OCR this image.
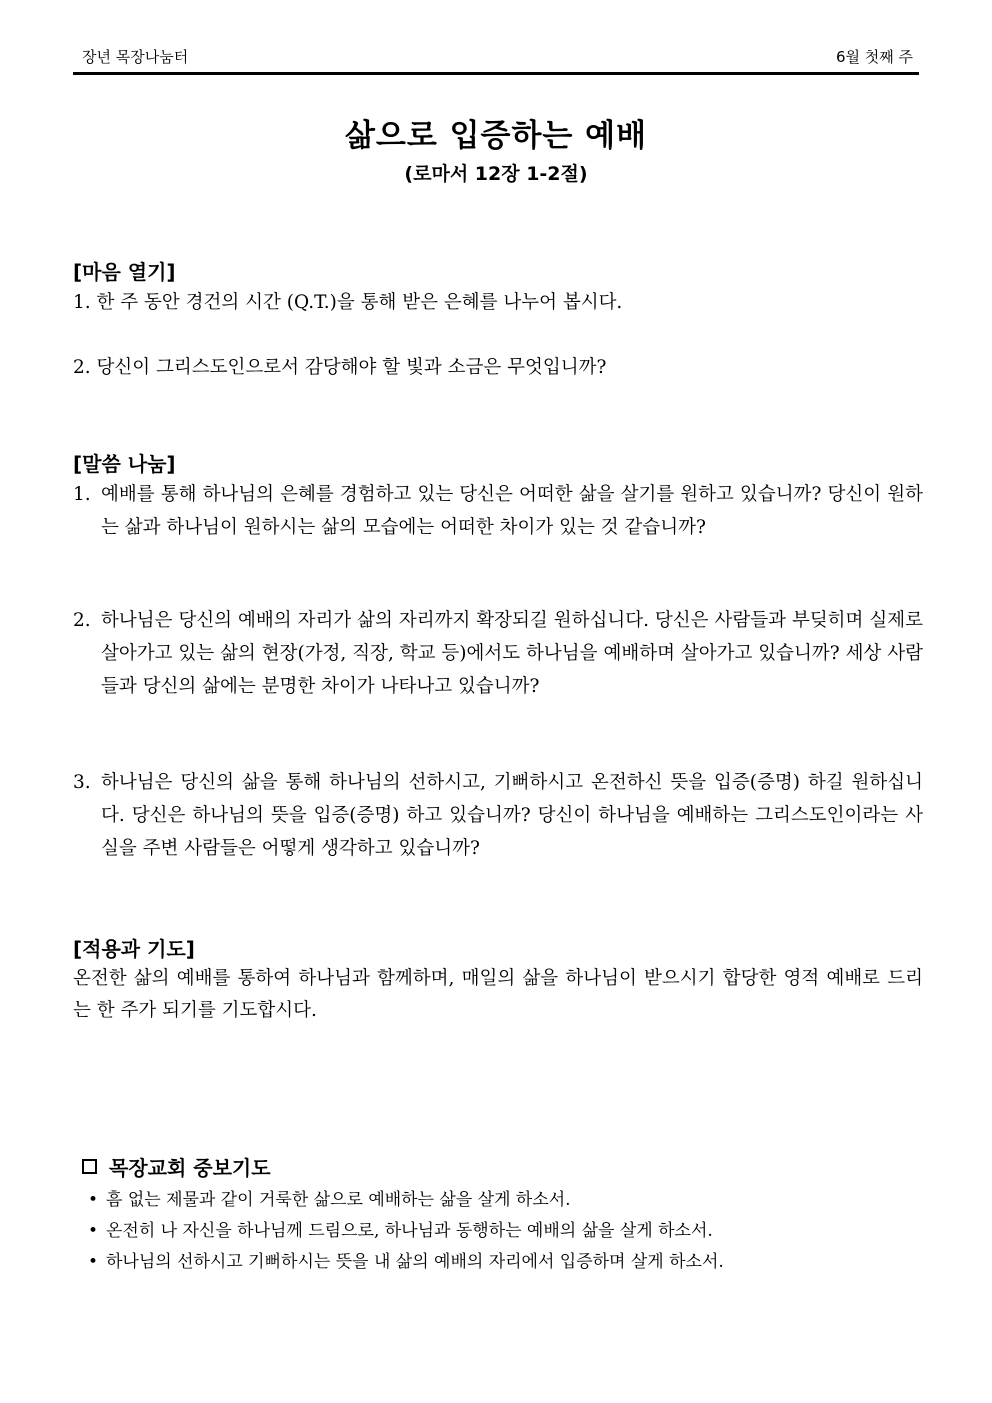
장년 목장나눔터	6월 첫째 주
삶으로 입증하는 예배
(로마서 12장 1-2절)
[마음 열기]
1. 한 주 동안 경건의 시간 (Q.T.)을 통해 받은 은혜를 나누어 봅시다.
2. 당신이 그리스도인으로서 감당해야 할 빛과 소금은 무엇입니까?
[말씀 나눔]
1. 예배를 통해 하나님의 은혜를 경험하고 있는 당신은 어떠한 삶을 살기를 원하고 있습니까? 당신이 원하는 삶과 하나님이 원하시는 삶의 모습에는 어떠한 차이가 있는 것 같습니까?
2. 하나님은 당신의 예배의 자리가 삶의 자리까지 확장되길 원하십니다. 당신은 사람들과 부딪히며 실제로 살아가고 있는 삶의 현장(가정, 직장, 학교 등)에서도 하나님을 예배하며 살아가고 있습니까? 세상 사람들과 당신의 삶에는 분명한 차이가 나타나고 있습니까?
3. 하나님은 당신의 삶을 통해 하나님의 선하시고, 기뻐하시고 온전하신 뜻을 입증(증명) 하길 원하십니다. 당신은 하나님의 뜻을 입증(증명) 하고 있습니까? 당신이 하나님을 예배하는 그리스도인이라는 사실을 주변 사람들은 어떻게 생각하고 있습니까?
[적용과 기도]
온전한 삶의 예배를 통하여 하나님과 함께하며, 매일의 삶을 하나님이 받으시기 합당한 영적 예배로 드리는 한 주가 되기를 기도합시다.
목장교회 중보기도
• 흠 없는 제물과 같이 거룩한 삶으로 예배하는 삶을 살게 하소서.
• 온전히 나 자신을 하나님께 드림으로, 하나님과 동행하는 예배의 삶을 살게 하소서.
• 하나님의 선하시고 기뻐하시는 뜻을 내 삶의 예배의 자리에서 입증하며 살게 하소서.
